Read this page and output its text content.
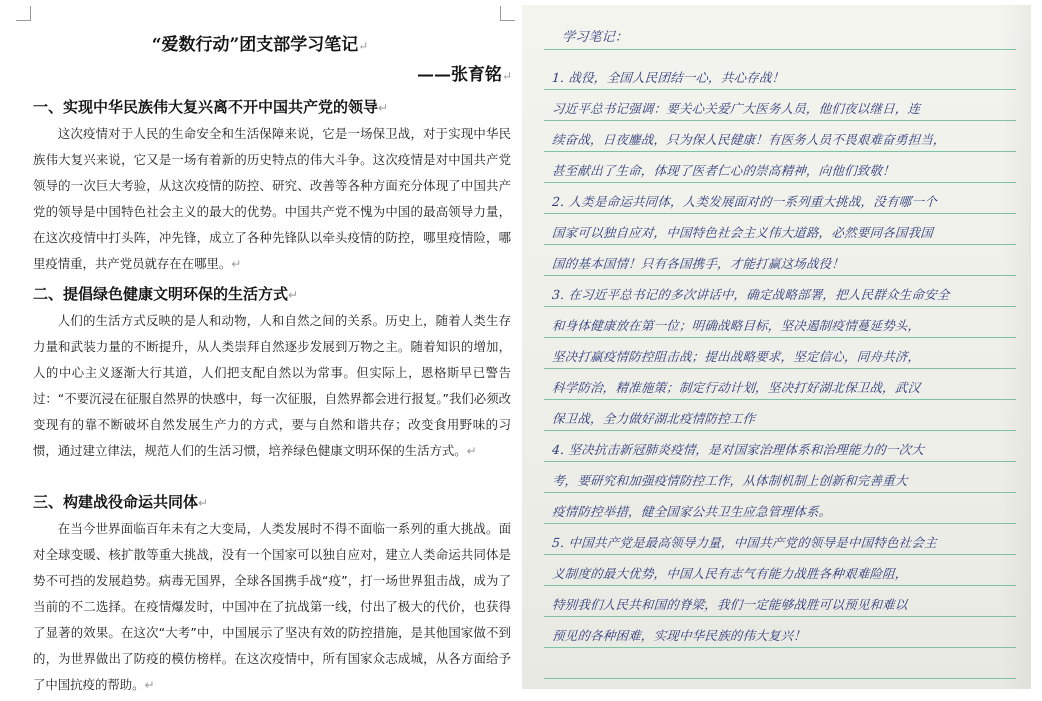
“爱数行动”团支部学习笔记↵
——张育铭↵
一、实现中华民族伟大复兴离不开中国共产党的领导↵

这次疫情对于人民的生命安全和生活保障来说，它是一场保卫战，对于实现中华民族伟大复兴来说，它又是一场有着新的历史特点的伟大斗争。这次疫情是对中国共产党领导的一次巨大考验，从这次疫情的防控、研究、改善等各种方面充分体现了中国共产党的领导是中国特色社会主义的最大的优势。中国共产党不愧为中国的最高领导力量，在这次疫情中打头阵，冲先锋，成立了各种先锋队以牵头疫情的防控，哪里疫情险，哪里疫情重，共产党员就存在在哪里。↵

二、提倡绿色健康文明环保的生活方式↵

人们的生活方式反映的是人和动物，人和自然之间的关系。历史上，随着人类生存力量和武装力量的不断提升，从人类崇拜自然逐步发展到万物之主。随着知识的增加，人的中心主义逐渐大行其道，人们把支配自然以为常事。但实际上，恩格斯早已警告过：“不要沉浸在征服自然界的快感中，每一次征服，自然界都会进行报复。”我们必须改变现有的靠不断破坏自然发展生产力的方式，要与自然和谐共存；改变食用野味的习惯，通过建立律法，规范人们的生活习惯，培养绿色健康文明环保的生活方式。↵

三、构建战役命运共同体↵

在当今世界面临百年未有之大变局，人类发展时不得不面临一系列的重大挑战。面对全球变暖、核扩散等重大挑战，没有一个国家可以独自应对，建立人类命运共同体是势不可挡的发展趋势。病毒无国界，全球各国携手战“疫”，打一场世界狙击战，成为了当前的不二选择。在疫情爆发时，中国冲在了抗战第一线，付出了极大的代价，也获得了显著的效果。在这次“大考”中，中国展示了坚决有效的防控措施，是其他国家做不到的，为世界做出了防疫的模仿榜样。在这次疫情中，所有国家众志成城，从各方面给予了中国抗疫的帮助。↵

学习笔记：
1. 战役，全国人民团结一心，共心存战！
习近平总书记强调：要关心关爱广大医务人员，他们夜以继日，连
续奋战，日夜鏖战，只为保人民健康！有医务人员不畏艰难奋勇担当，
甚至献出了生命，体现了医者仁心的崇高精神，向他们致敬！
2. 人类是命运共同体，人类发展面对的一系列重大挑战，没有哪一个
国家可以独自应对，中国特色社会主义伟大道路，必然要同各国我国
国的基本国情！只有各国携手，才能打赢这场战役！
3. 在习近平总书记的多次讲话中，确定战略部署，把人民群众生命安全
和身体健康放在第一位；明确战略目标，坚决遏制疫情蔓延势头，
坚决打赢疫情防控阻击战；提出战略要求，坚定信心，同舟共济，
科学防治，精准施策；制定行动计划，坚决打好湖北保卫战，武汉
保卫战，全力做好湖北疫情防控工作
4. 坚决抗击新冠肺炎疫情，是对国家治理体系和治理能力的一次大
考，要研究和加强疫情防控工作，从体制机制上创新和完善重大
疫情防控举措，健全国家公共卫生应急管理体系。
5. 中国共产党是最高领导力量，中国共产党的领导是中国特色社会主
义制度的最大优势，中国人民有志气有能力战胜各种艰难险阻，
特别我们人民共和国的脊梁，我们一定能够战胜可以预见和难以
预见的各种困难，实现中华民族的伟大复兴！
